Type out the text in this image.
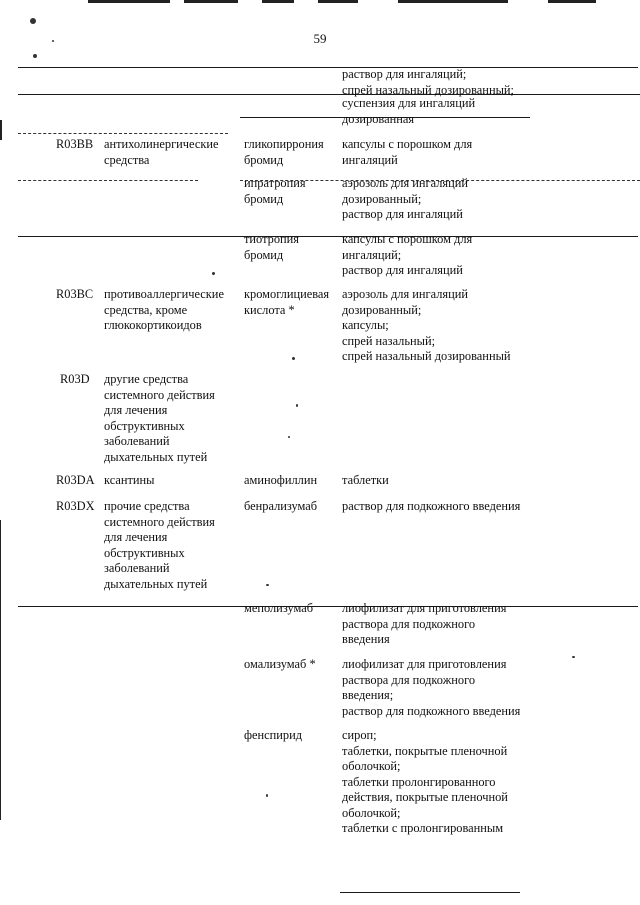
59
раствор для ингаляций;
спрей назальный дозированный;
суспензия для ингаляций
дозированная
R03BB антихолинергические
средства
гликопиррония
бромид
капсулы с порошком для
ингаляций
ипратропия
бромид
аэрозоль для ингаляций
дозированный;
раствор для ингаляций
тиотропия
бромид
капсулы с порошком для
ингаляций;
раствор для ингаляций
R03BC противоаллергические
средства, кроме
глюкокортикоидов
кромоглициевая
кислота *
аэрозоль для ингаляций
дозированный;
капсулы;
спрей назальный;
спрей назальный дозированный
R03D другие средства
системного действия
для лечения
обструктивных
заболеваний
дыхательных путей
R03DA ксантины	аминофиллин таблетки
R03DX прочие средства
системного действия
для лечения
обструктивных
заболеваний
дыхательных путей
бенрализумаб раствор для подкожного введения
меполизумаб лиофилизат для приготовления
раствора для подкожного
введения
омализумаб * лиофилизат для приготовления
раствора для подкожного
введения;
раствор для подкожного введения
фенспирид	сироп;
таблетки, покрытые пленочной
оболочкой;
таблетки пролонгированного
действия, покрытые пленочной
оболочкой;
таблетки с пролонгированным
